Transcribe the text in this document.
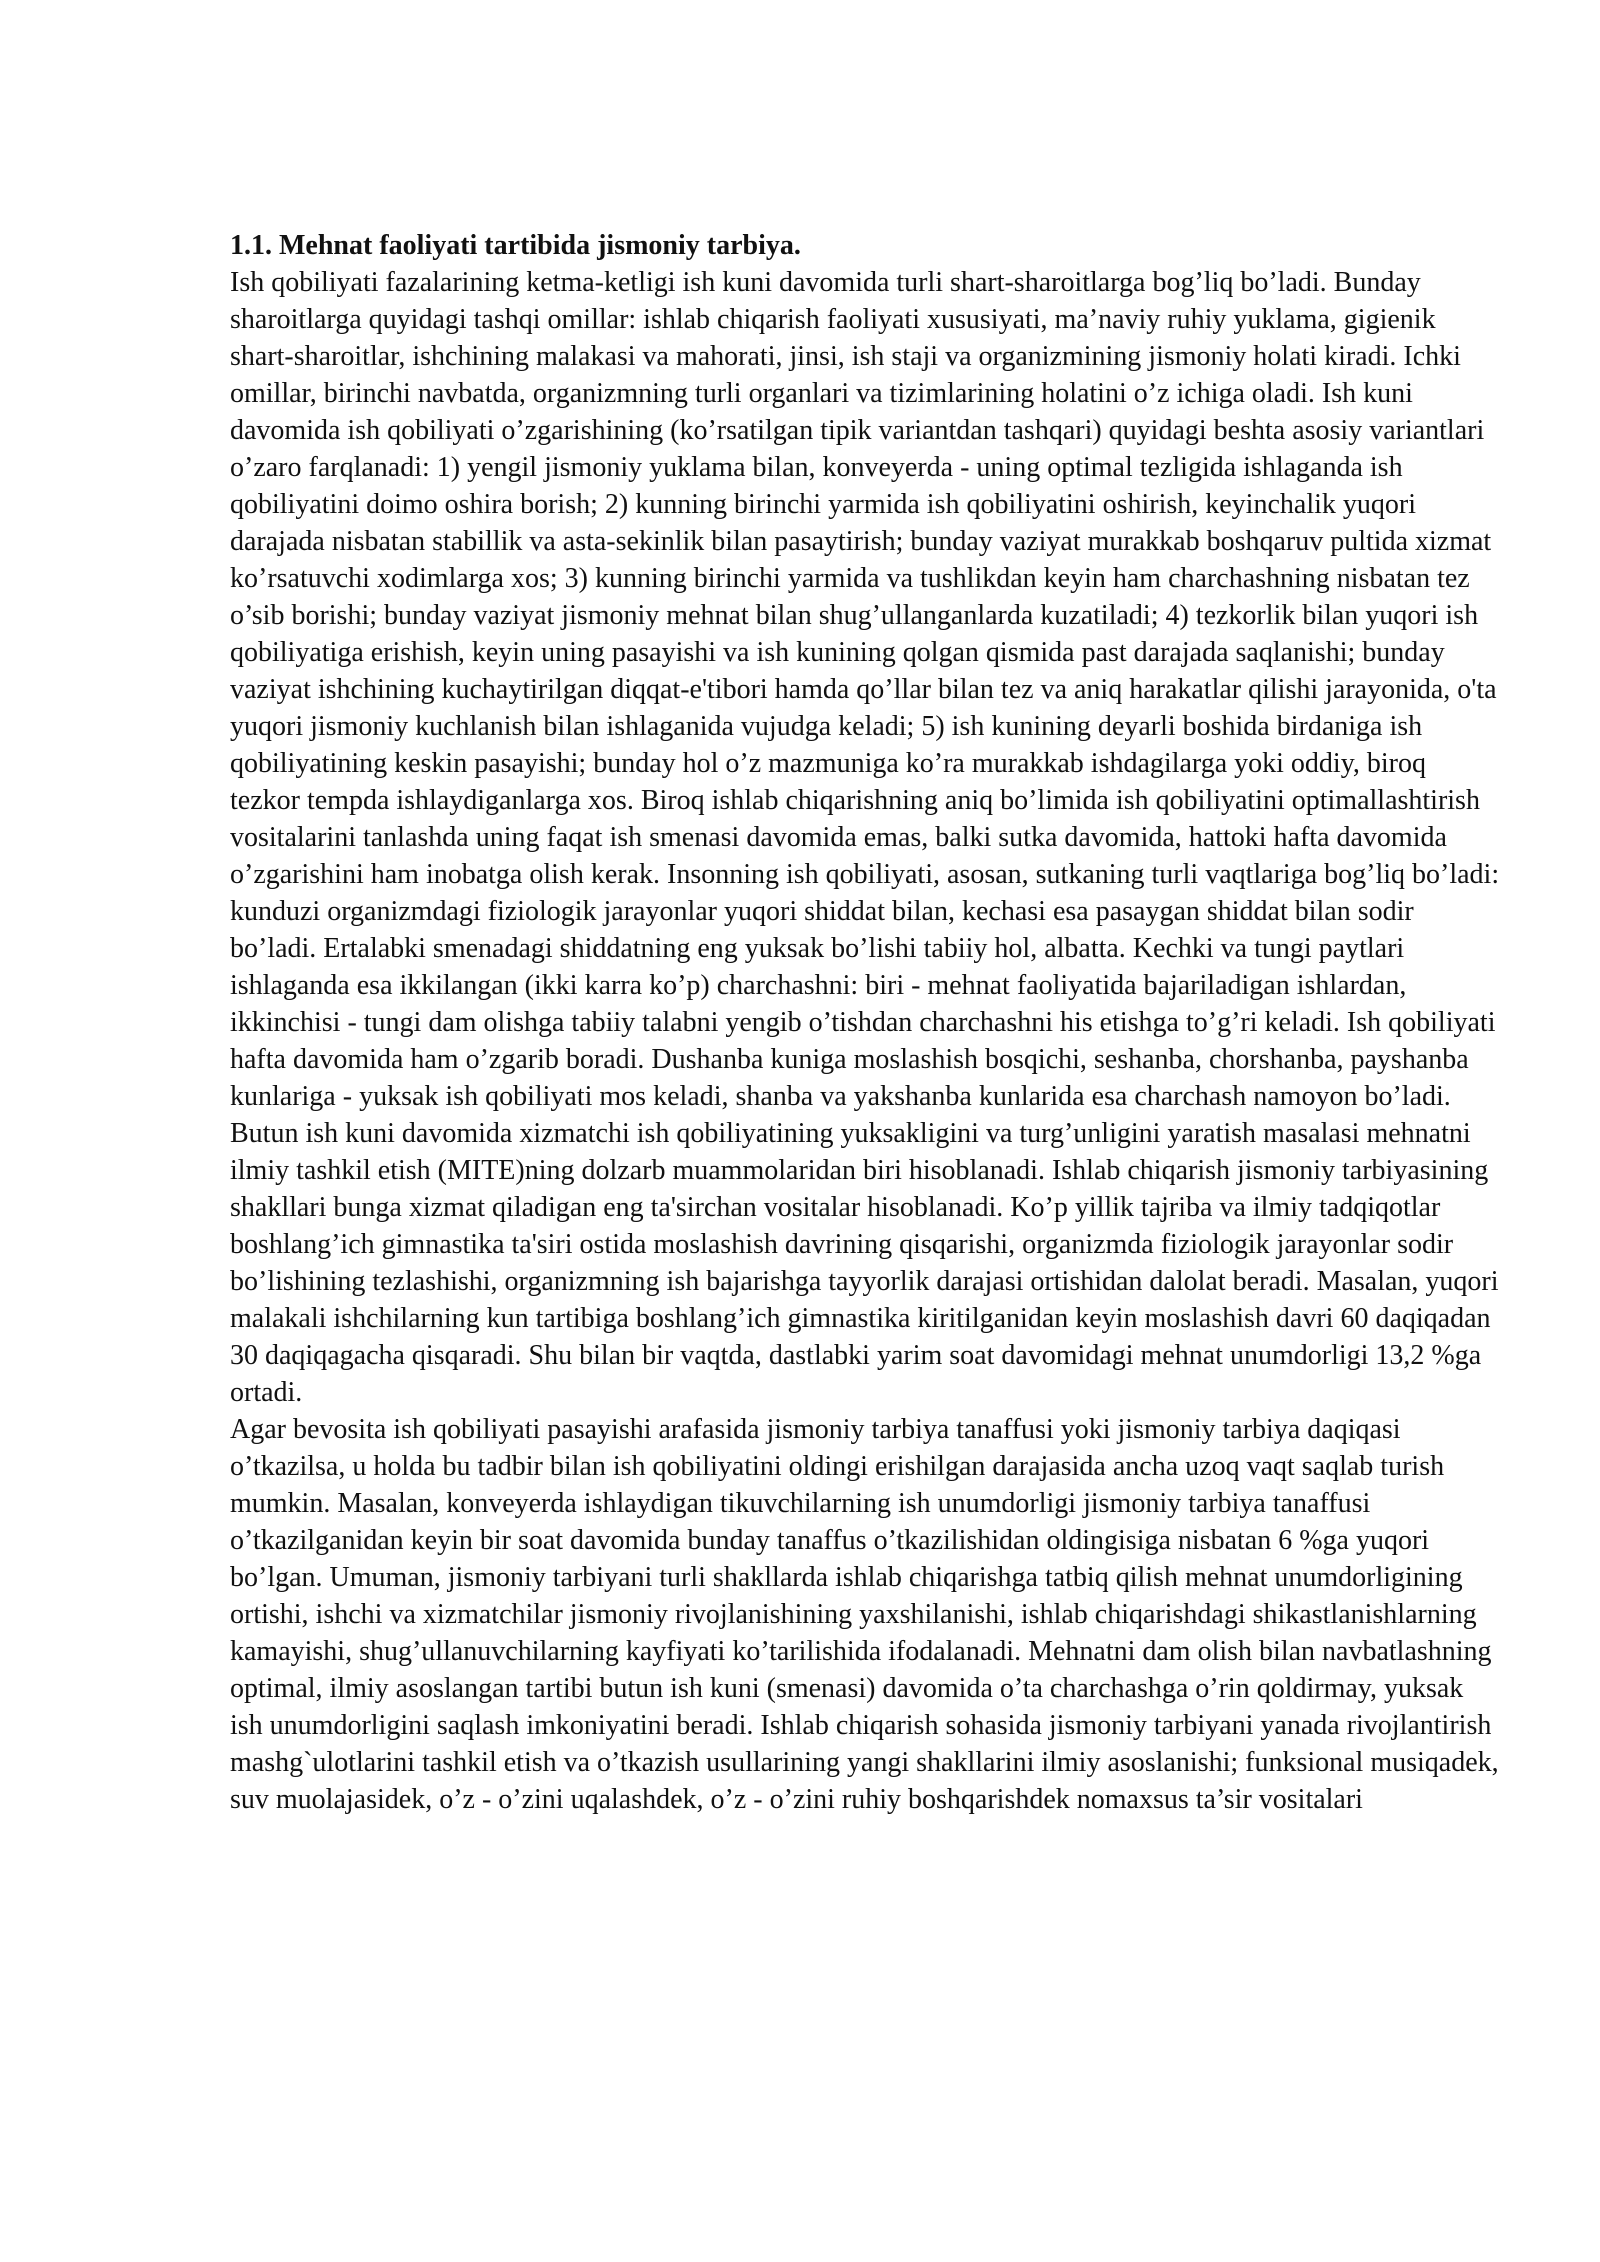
1.1. Mehnat faoliyati tartibida jismoniy tarbiya.

Ish qobiliyati fazalarining ketma-ketligi ish kuni davomida turli shart-sharoitlarga bog’liq bo’ladi. Bunday sharoitlarga quyidagi tashqi omillar: ishlab chiqarish faoliyati xususiyati, ma’naviy ruhiy yuklama, gigienik shart-sharoitlar, ishchining malakasi va mahorati, jinsi, ish staji va organizmining jismoniy holati kiradi. Ichki omillar, birinchi navbatda, organizmning turli organlari va tizimlarining holatini o’z ichiga oladi. Ish kuni davomida ish qobiliyati o’zgarishining (ko’rsatilgan tipik variantdan tashqari) quyidagi beshta asosiy variantlari o’zaro farqlanadi: 1) yengil jismoniy yuklama bilan, konveyerda - uning optimal tezligida ishlaganda ish qobiliyatini doimo oshira borish; 2) kunning birinchi yarmida ish qobiliyatini oshirish, keyinchalik yuqori darajada nisbatan stabillik va asta-sekinlik bilan pasaytirish; bunday vaziyat murakkab boshqaruv pultida xizmat ko’rsatuvchi xodimlarga xos; 3) kunning birinchi yarmida va tushlikdan keyin ham charchashning nisbatan tez o’sib borishi; bunday vaziyat jismoniy mehnat bilan shug’ullanganlarda kuzatiladi; 4) tezkorlik bilan yuqori ish qobiliyatiga erishish, keyin uning pasayishi va ish kunining qolgan qismida past darajada saqlanishi; bunday vaziyat ishchining kuchaytirilgan diqqat-e'tibori hamda qo’llar bilan tez va aniq harakatlar qilishi jarayonida, o'ta yuqori jismoniy kuchlanish bilan ishlaganida vujudga keladi; 5) ish kunining deyarli boshida birdaniga ish qobiliyatining keskin pasayishi; bunday hol o’z mazmuniga ko’ra murakkab ishdagilarga yoki oddiy, biroq tezkor tempda ishlaydiganlarga xos. Biroq ishlab chiqarishning aniq bo’limida ish qobiliyatini optimallashtirish vositalarini tanlashda uning faqat ish smenasi davomida emas, balki sutka davomida, hattoki hafta davomida o’zgarishini ham inobatga olish kerak. Insonning ish qobiliyati, asosan, sutkaning turli vaqtlariga bog’liq bo’ladi: kunduzi organizmdagi fiziologik jarayonlar yuqori shiddat bilan, kechasi esa pasaygan shiddat bilan sodir bo’ladi. Ertalabki smenadagi shiddatning eng yuksak bo’lishi tabiiy hol, albatta. Kechki va tungi paytlari ishlaganda esa ikkilangan (ikki karra ko’p) charchashni: biri - mehnat faoliyatida bajariladigan ishlardan, ikkinchisi - tungi dam olishga tabiiy talabni yengib o’tishdan charchashni his etishga to’g’ri keladi. Ish qobiliyati hafta davomida ham o’zgarib boradi. Dushanba kuniga moslashish bosqichi, seshanba, chorshanba, payshanba kunlariga - yuksak ish qobiliyati mos keladi, shanba va yakshanba kunlarida esa charchash namoyon bo’ladi. Butun ish kuni davomida xizmatchi ish qobiliyatining yuksakligini va turg’unligini yaratish masalasi mehnatni ilmiy tashkil etish (MITE)ning dolzarb muammolaridan biri hisoblanadi. Ishlab chiqarish jismoniy tarbiyasining shakllari bunga xizmat qiladigan eng ta'sirchan vositalar hisoblanadi. Ko’p yillik tajriba va ilmiy tadqiqotlar boshlang’ich gimnastika ta'siri ostida moslashish davrining qisqarishi, organizmda fiziologik jarayonlar sodir bo’lishining tezlashishi, organizmning ish bajarishga tayyorlik darajasi ortishidan dalolat beradi. Masalan, yuqori malakali ishchilarning kun tartibiga boshlang’ich gimnastika kiritilganidan keyin moslashish davri 60 daqiqadan 30 daqiqagacha qisqaradi. Shu bilan bir vaqtda, dastlabki yarim soat davomidagi mehnat unumdorligi 13,2 %ga ortadi.

Agar bevosita ish qobiliyati pasayishi arafasida jismoniy tarbiya tanaffusi yoki jismoniy tarbiya daqiqasi o’tkazilsa, u holda bu tadbir bilan ish qobiliyatini oldingi erishilgan darajasida ancha uzoq vaqt saqlab turish mumkin. Masalan, konveyerda ishlaydigan tikuvchilarning ish unumdorligi jismoniy tarbiya tanaffusi o’tkazilganidan keyin bir soat davomida bunday tanaffus o’tkazilishidan oldingisiga nisbatan 6 %ga yuqori bo’lgan. Umuman, jismoniy tarbiyani turli shakllarda ishlab chiqarishga tatbiq qilish mehnat unumdorligining ortishi, ishchi va xizmatchilar jismoniy rivojlanishining yaxshilanishi, ishlab chiqarishdagi shikastlanishlarning kamayishi, shug’ullanuvchilarning kayfiyati ko’tarilishida ifodalanadi. Mehnatni dam olish bilan navbatlashning optimal, ilmiy asoslangan tartibi butun ish kuni (smenasi) davomida o’ta charchashga o’rin qoldirmay, yuksak ish unumdorligini saqlash imkoniyatini beradi. Ishlab chiqarish sohasida jismoniy tarbiyani yanada rivojlantirish mashg`ulotlarini tashkil etish va o’tkazish usullarining yangi shakllarini ilmiy asoslanishi; funksional musiqadek, suv muolajasidek, o’z - o’zini uqalashdek, o’z - o’zini ruhiy boshqarishdek nomaxsus ta’sir vositalari
